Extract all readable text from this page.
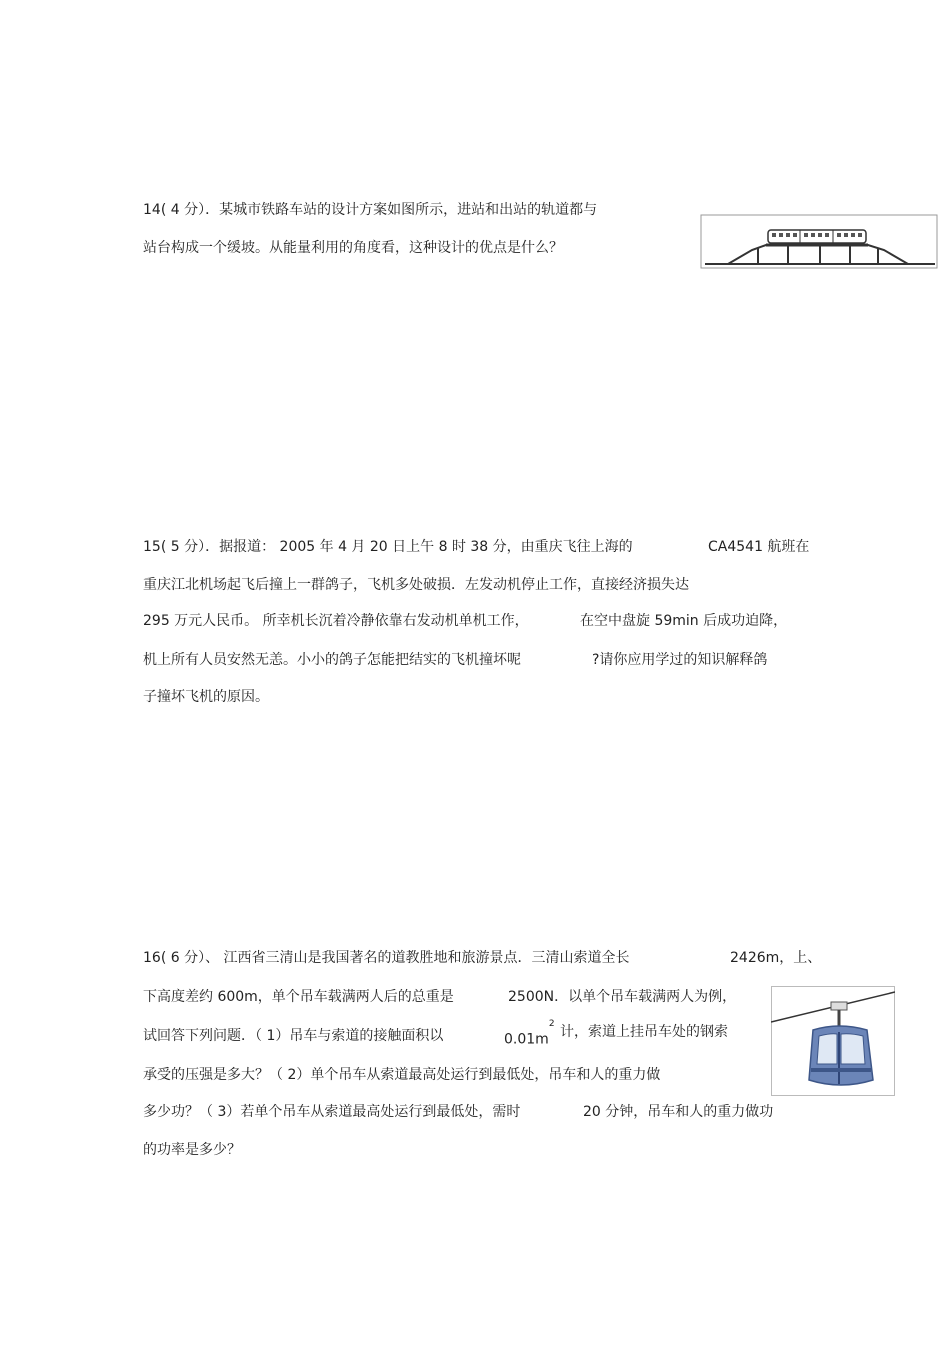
14( 4 分）．某城市铁路车站的设计方案如图所示，进站和出站的轨道都与
站台构成一个缓坡。从能量利用的角度看，这种设计的优点是什么？
15( 5 分）．据报道： 2005 年 4 月 20 日上午 8 时 38 分，由重庆飞往上海的	CA4541 航班在
重庆江北机场起飞后撞上一群鸽子，飞机多处破损．左发动机停止工作，直接经济损失达
295 万元人民币。 所幸机长沉着冷静依靠右发动机单机工作，	在空中盘旋 59min 后成功迫降，
机上所有人员安然无恙。小小的鸽子怎能把结实的飞机撞坏呢	?请你应用学过的知识解释鸽
子撞坏飞机的原因。
16( 6 分）、 江西省三清山是我国著名的道教胜地和旅游景点．三清山索道全长	2426m，上、
下高度差约 600m，单个吊车载满两人后的总重是	2500N．以单个吊车载满两人为例，
试回答下列问题．（ 1）吊车与索道的接触面积以	$0.01m^2$ 计，索道上挂吊车处的钢索
承受的压强是多大？（ 2）单个吊车从索道最高处运行到最低处，吊车和人的重力做
多少功？（ 3）若单个吊车从索道最高处运行到最低处，需时	20 分钟，吊车和人的重力做功
的功率是多少？
